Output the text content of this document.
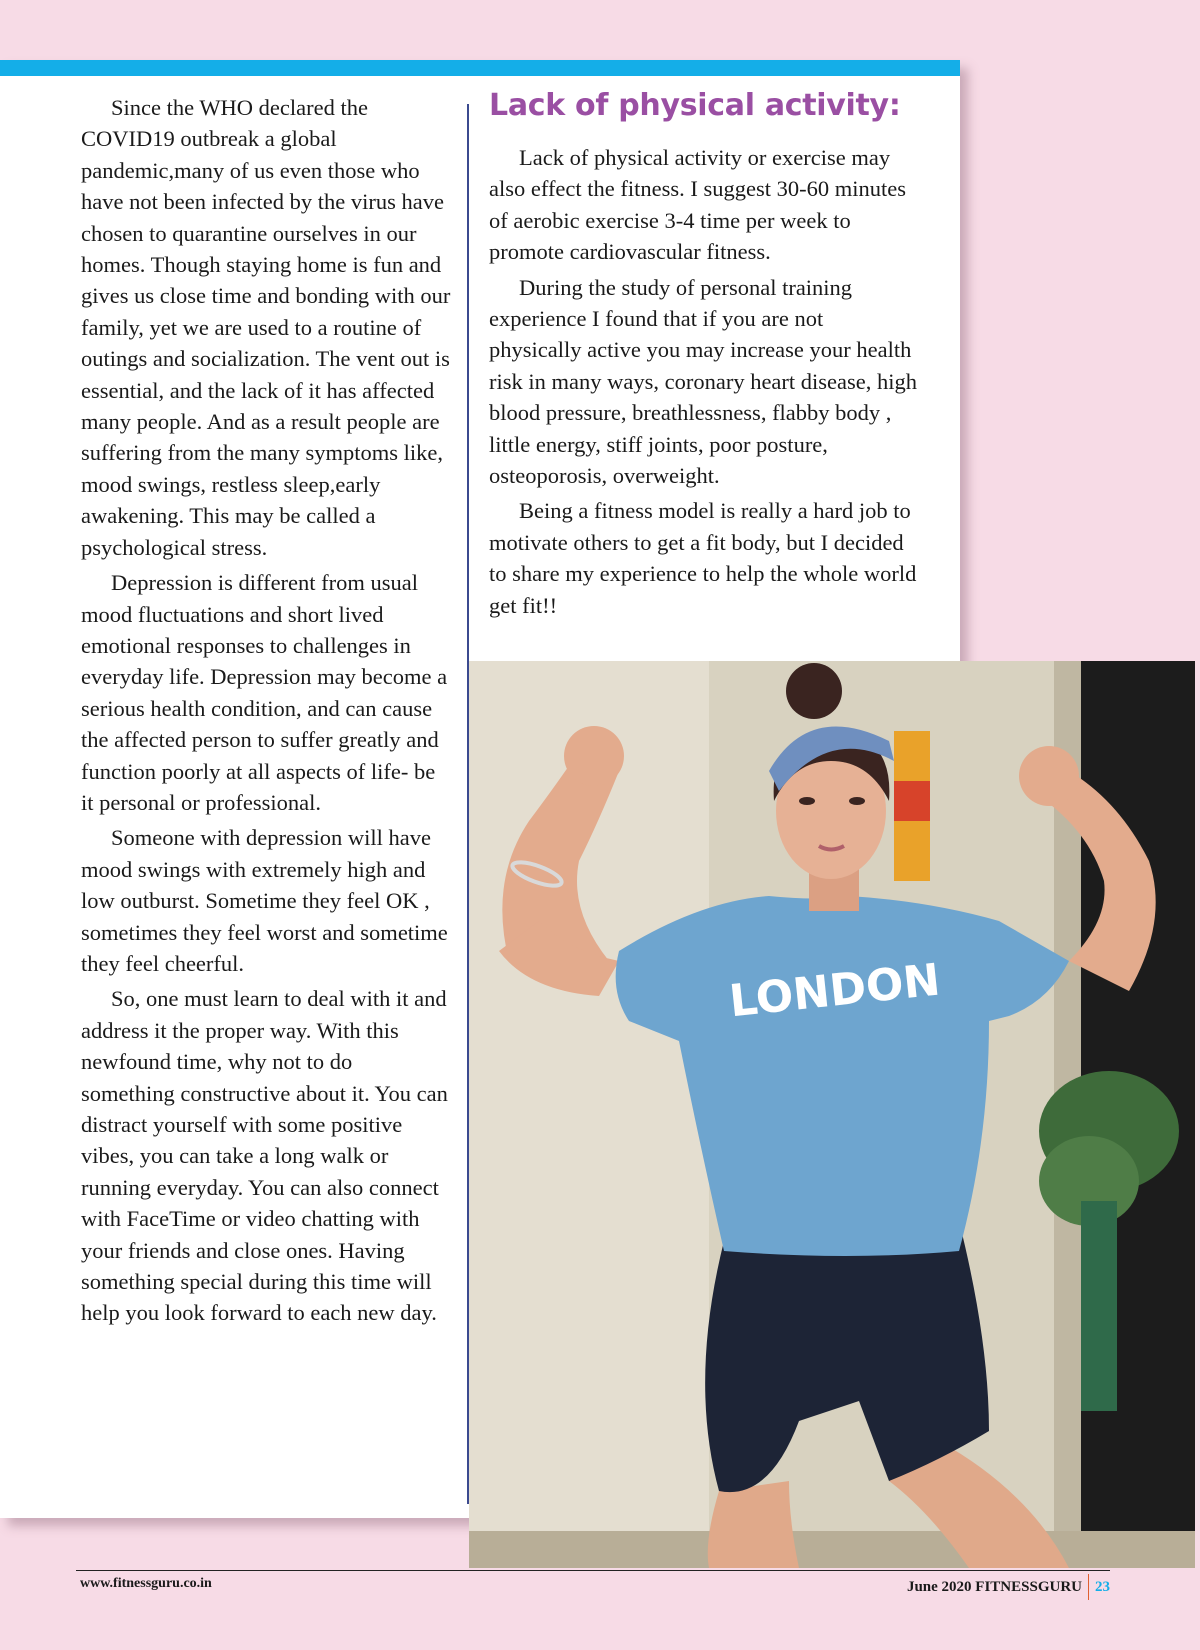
Since the WHO declared the COVID19 outbreak a global pandemic,many of us even those who have not been infected by the virus have chosen to quarantine ourselves in our homes. Though staying home is fun and gives us close time and bonding with our family, yet we are used to a routine of outings and socialization. The vent out is essential, and the lack of it has affected many people. And as a result people are suffering from the many symptoms like, mood swings, restless sleep,early awakening. This may be called a psychological stress.

Depression is different from usual mood fluctuations and short lived emotional responses to challenges in everyday life. Depression may become a serious health condition, and can cause the affected person to suffer greatly and function poorly at all aspects of life- be it personal or professional.

Someone with depression will have mood swings with extremely high and low outburst. Sometime they feel OK , sometimes they feel worst and sometime they feel cheerful.

So, one must learn to deal with it and address it the proper way. With this newfound time, why not to do something constructive about it. You can distract yourself with some positive vibes, you can take a long walk or running everyday. You can also connect with FaceTime or video chatting with your friends and close ones. Having something special during this time will help you look forward to each new day.

Lack of physical activity:

Lack of physical activity or exercise may also effect the fitness. I suggest 30-60 minutes of aerobic exercise 3-4 time per week to promote cardiovascular fitness.

During the study of personal training experience I found that if you are not physically active you may increase your health risk in many ways, coronary heart disease, high blood pressure, breathlessness, flabby body , little energy, stiff joints, poor posture, osteoporosis, overweight.

Being a fitness model is really a hard job to motivate others to get a fit body, but I decided to share my experience to help the whole world get fit!!

LONDON
www.fitnessguru.co.in	June 2020 FITNESSGURU 23
